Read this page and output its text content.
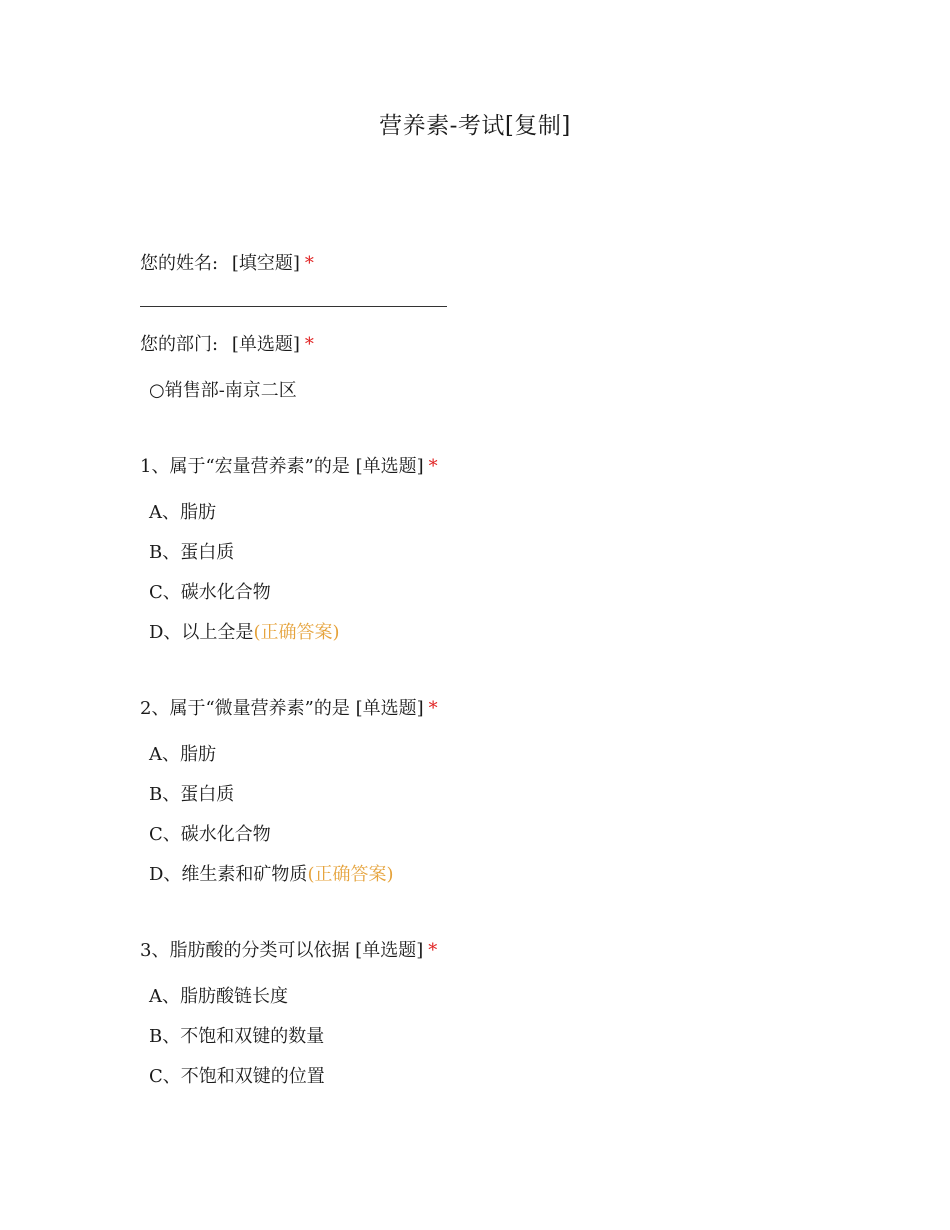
营养素-考试[复制]
您的姓名: [填空题] *
您的部门: [单选题] *
○销售部-南京二区
1、属于“宏量营养素”的是 [单选题] *
A、脂肪
B、蛋白质
C、碳水化合物
D、以上全是(正确答案)
2、属于“微量营养素”的是 [单选题] *
A、脂肪
B、蛋白质
C、碳水化合物
D、维生素和矿物质(正确答案)
3、脂肪酸的分类可以依据 [单选题] *
A、脂肪酸链长度
B、不饱和双键的数量
C、不饱和双键的位置
